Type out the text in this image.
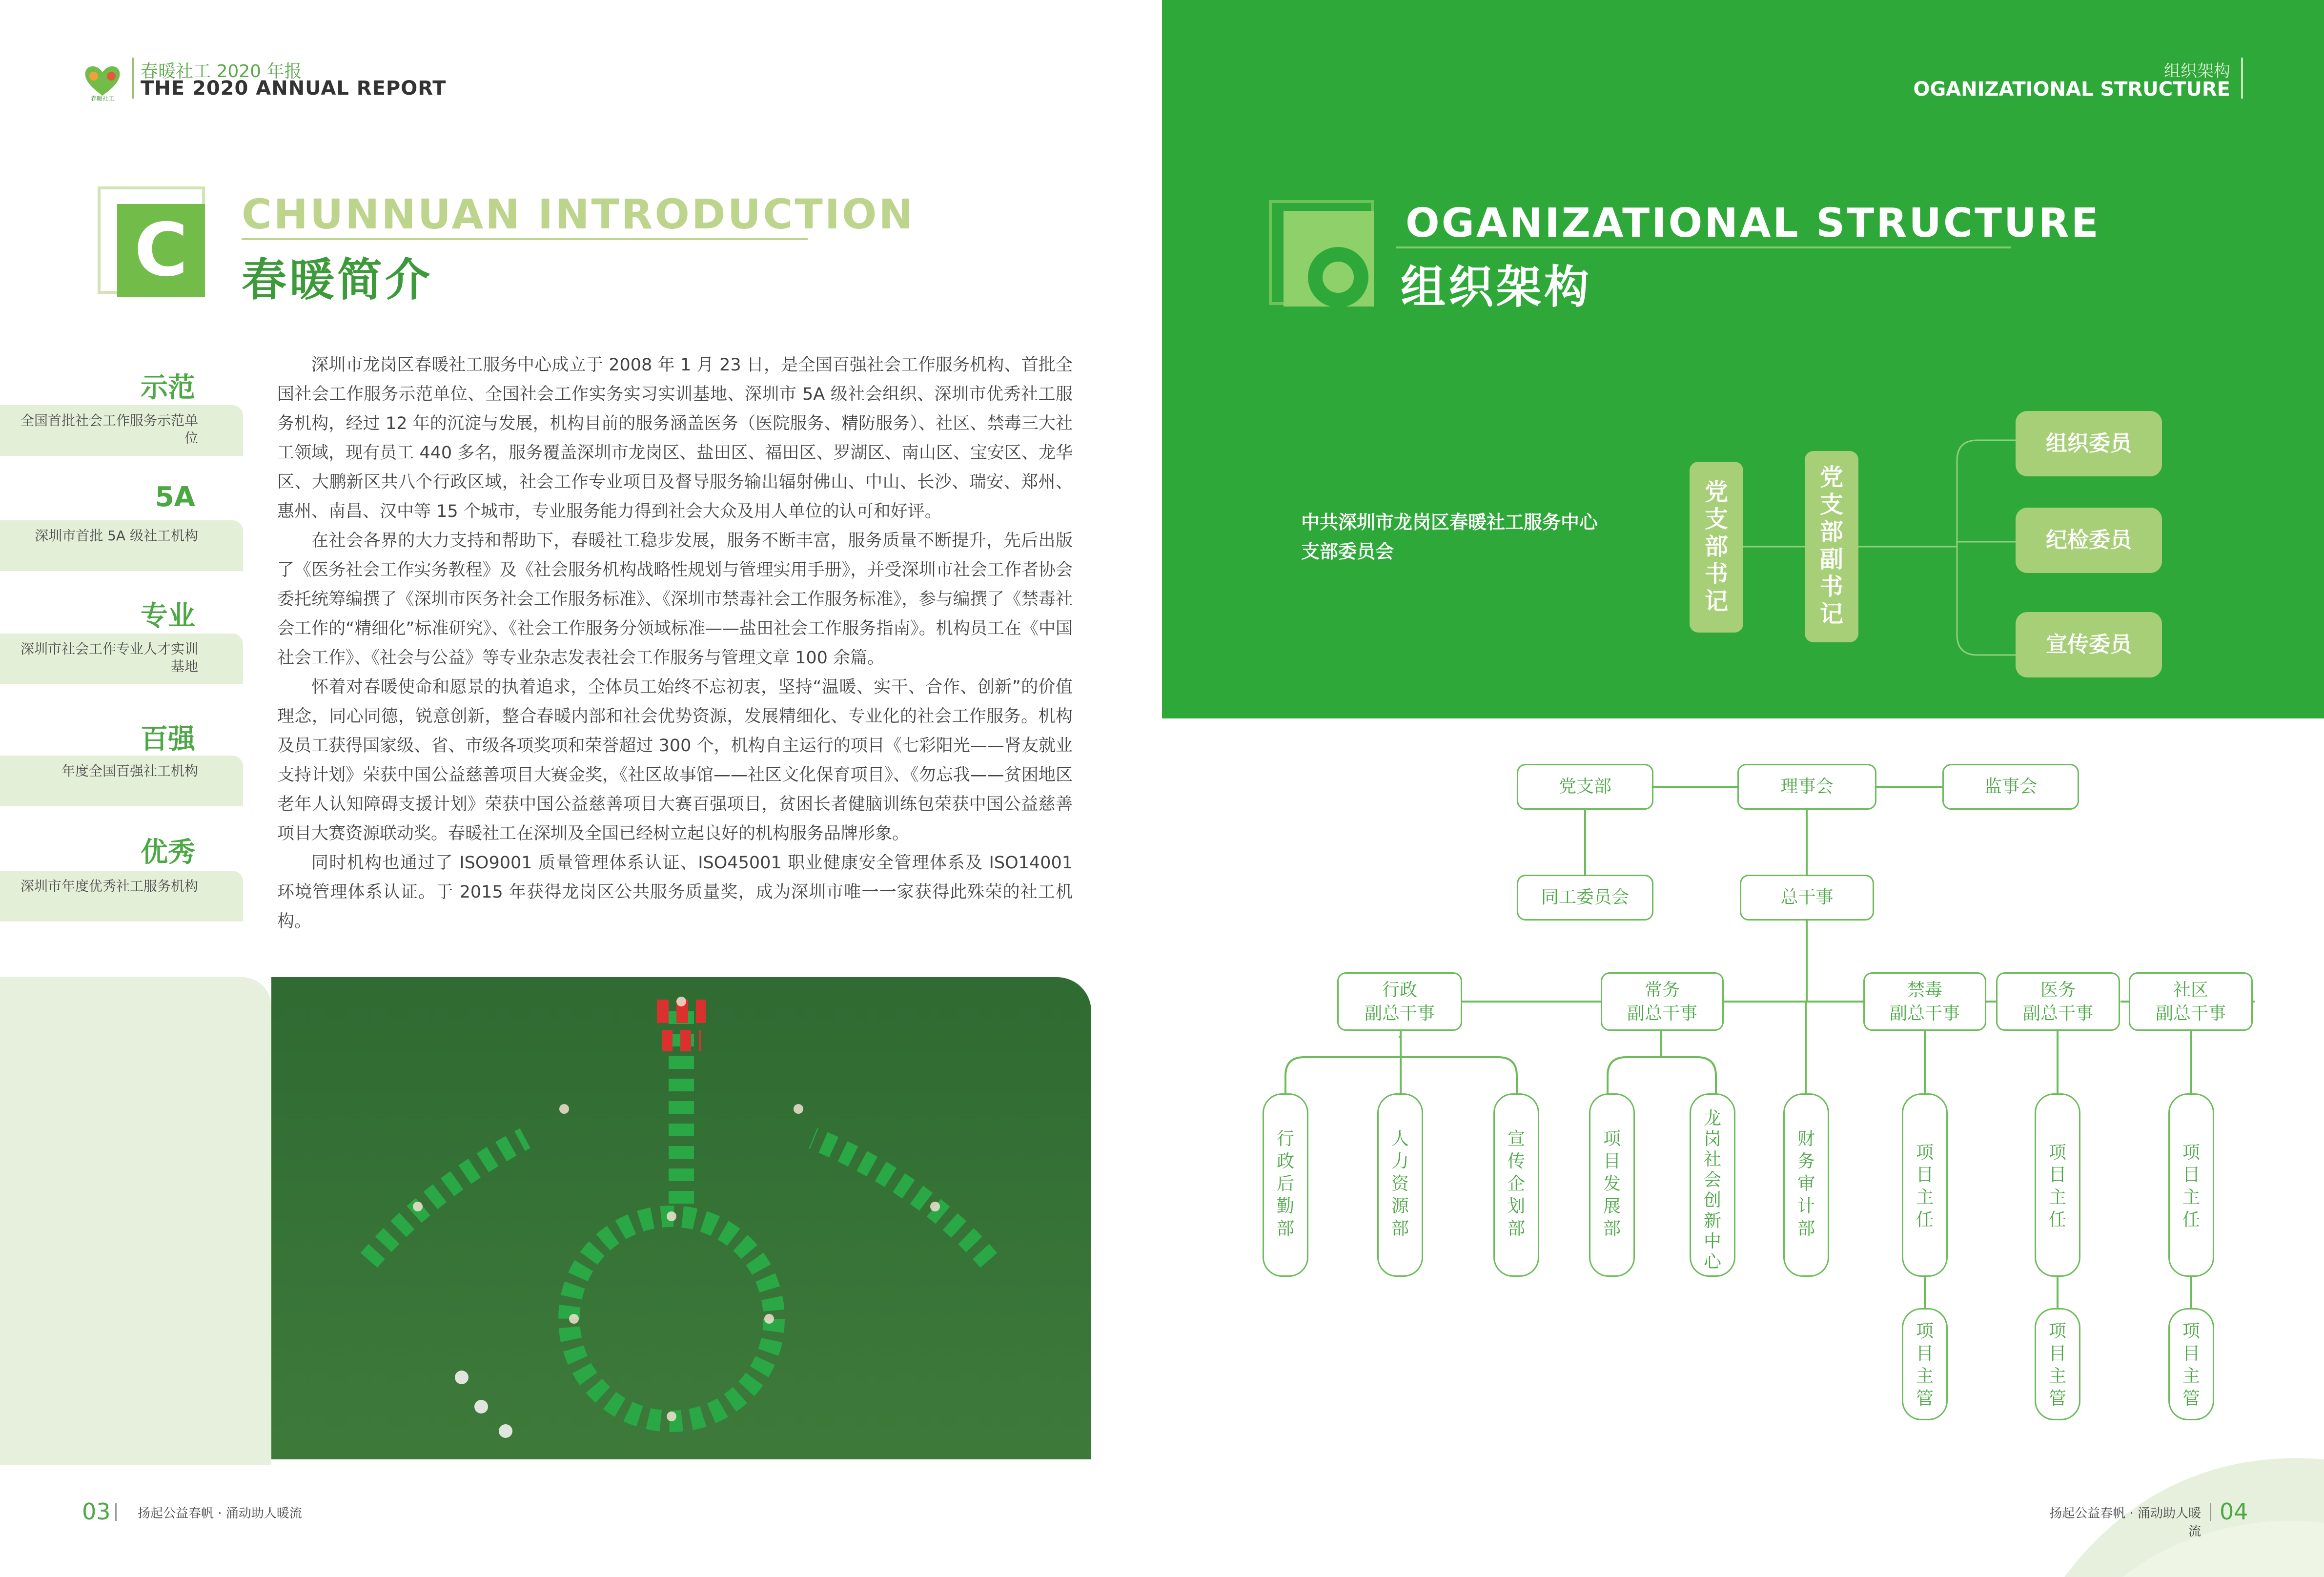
春暖社工
春暖社工 2020 年报
THE 2020 ANNUAL REPORT
C	CHUNNUAN INTRODUCTION
春暖简介
示范
全国首批社会工作服务示范单位
5A
深圳市首批 5A 级社工机构
专业
深圳市社会工作专业人才实训基地
百强
年度全国百强社工机构
优秀
深圳市年度优秀社工服务机构

深圳市龙岗区春暖社工服务中心成立于 2008 年 1 月 23 日，是全国百强社会工作服务机构、首批全国社会工作服务示范单位、全国社会工作实务实习实训基地、深圳市 5A 级社会组织、深圳市优秀社工服务机构，经过 12 年的沉淀与发展，机构目前的服务涵盖医务（医院服务、精防服务）、社区、禁毒三大社工领域，现有员工 440 多名，服务覆盖深圳市龙岗区、盐田区、福田区、罗湖区、南山区、宝安区、龙华区、大鹏新区共八个行政区域，社会工作专业项目及督导服务输出辐射佛山、中山、长沙、瑞安、郑州、惠州、南昌、汉中等 15 个城市，专业服务能力得到社会大众及用人单位的认可和好评。

在社会各界的大力支持和帮助下，春暖社工稳步发展，服务不断丰富，服务质量不断提升，先后出版了《医务社会工作实务教程》及《社会服务机构战略性规划与管理实用手册》，并受深圳市社会工作者协会委托统筹编撰了《深圳市医务社会工作服务标准》、《深圳市禁毒社会工作服务标准》，参与编撰了《禁毒社会工作的“精细化”标准研究》、《社会工作服务分领域标准——盐田社会工作服务指南》。机构员工在《中国社会工作》、《社会与公益》等专业杂志发表社会工作服务与管理文章 100 余篇。

怀着对春暖使命和愿景的执着追求，全体员工始终不忘初衷，坚持“温暖、实干、合作、创新”的价值理念，同心同德，锐意创新，整合春暖内部和社会优势资源，发展精细化、专业化的社会工作服务。机构及员工获得国家级、省、市级各项奖项和荣誉超过 300 个，机构自主运行的项目《七彩阳光——肾友就业支持计划》荣获中国公益慈善项目大赛金奖，《社区故事馆——社区文化保育项目》、《勿忘我——贫困地区老年人认知障碍支援计划》荣获中国公益慈善项目大赛百强项目，贫困长者健脑训练包荣获中国公益慈善项目大赛资源联动奖。春暖社工在深圳及全国已经树立起良好的机构服务品牌形象。

同时机构也通过了 ISO9001 质量管理体系认证、ISO45001 职业健康安全管理体系及 ISO14001 环境管理体系认证。于 2015 年获得龙岗区公共服务质量奖，成为深圳市唯一一家获得此殊荣的社工机构。

03 扬起公益春帆 · 涌动助人暖流
组织架构
OGANIZATIONAL STRUCTURE
OGANIZATIONAL STRUCTURE
组织架构
中共深圳市龙岗区春暖社工服务中心
支部委员会
党
支
部
书
记
党
支
部
副
书
记
组织委员
纪检委员
宣传委员
党支部	理事会	监事会
同工委员会	总干事
行政
副总干事
常务
副总干事
禁毒
副总干事
医务
副总干事
社区
副总干事
行
政
后
勤
部
人
力
资
源
部
宣
传
企
划
部
项
目
发
展
部
龙
岗
社
会
创
新
中
心
财
务
审
计
部
项
目
主
任
项
目
主
任
项
目
主
任
项
目
主
管
项
目
主
管
项
目
主
管
扬起公益春帆 · 涌动助人暖流
04
